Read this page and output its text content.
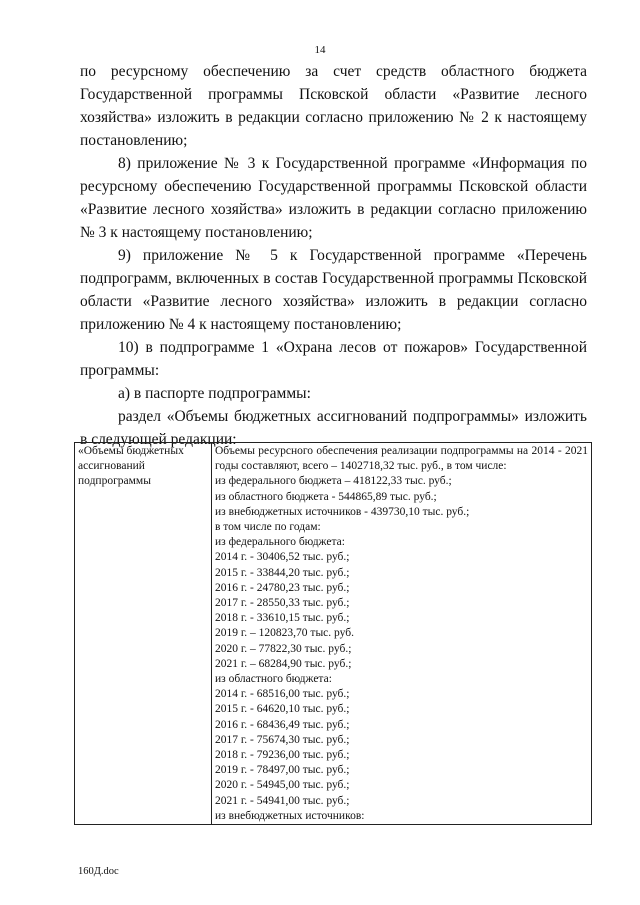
14

по ресурсному обеспечению за счет средств областного бюджета Государственной программы Псковской области «Развитие лесного хозяйства» изложить в редакции согласно приложению № 2 к настоящему постановлению;

8) приложение № 3 к Государственной программе «Информация по ресурсному обеспечению Государственной программы Псковской области «Развитие лесного хозяйства» изложить в редакции согласно приложению № 3 к настоящему постановлению;

9) приложение № 5 к Государственной программе «Перечень подпрограмм, включенных в состав Государственной программы Псковской области «Развитие лесного хозяйства» изложить в редакции согласно приложению № 4 к настоящему постановлению;

10) в подпрограмме 1 «Охрана лесов от пожаров» Государственной программы:

а) в паспорте подпрограммы:

раздел «Объемы бюджетных ассигнований подпрограммы» изложить в следующей редакции:

«Объемы бюджетных ассигнований подпрограммы	
Объемы ресурсного обеспечения реализации подпрограммы на 2014 - 2021 годы составляют, всего – 1402718,32 тыс. руб., в том числе:
из федерального бюджета – 418122,33 тыс. руб.;
из областного бюджета - 544865,89 тыс. руб.;
из внебюджетных источников - 439730,10 тыс. руб.;
в том числе по годам:
из федерального бюджета:
2014 г. - 30406,52 тыс. руб.;
2015 г. - 33844,20 тыс. руб.;
2016 г. - 24780,23 тыс. руб.;
2017 г. - 28550,33 тыс. руб.;
2018 г. - 33610,15 тыс. руб.;
2019 г. – 120823,70 тыс. руб.
2020 г. – 77822,30 тыс. руб.;
2021 г. – 68284,90 тыс. руб.;
из областного бюджета:
2014 г. - 68516,00 тыс. руб.;
2015 г. - 64620,10 тыс. руб.;
2016 г. - 68436,49 тыс. руб.;
2017 г. - 75674,30 тыс. руб.;
2018 г. - 79236,00 тыс. руб.;
2019 г. - 78497,00 тыс. руб.;
2020 г. - 54945,00 тыс. руб.;
2021 г. - 54941,00 тыс. руб.;
из внебюджетных источников:
160Д.doc
